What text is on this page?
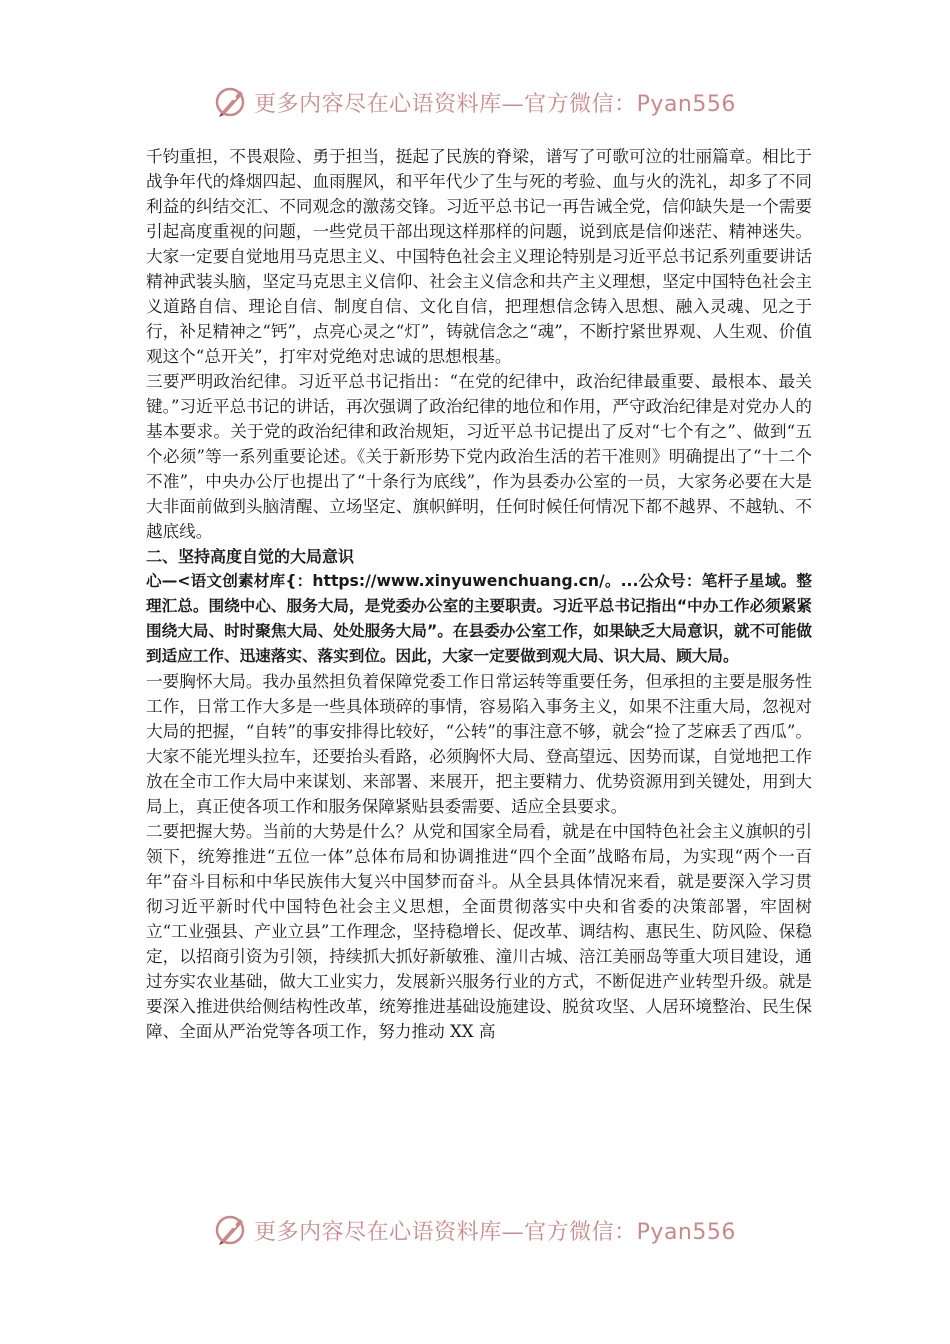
更多内容尽在心语资料库—官方微信：Pyan556

千钧重担，不畏艰险、勇于担当，挺起了民族的脊梁，谱写了可歌可泣的壮丽篇章。相比于战争年代的烽烟四起、血雨腥风，和平年代少了生与死的考验、血与火的洗礼，却多了不同利益的纠结交汇、不同观念的激荡交锋。习近平总书记一再告诫全党，信仰缺失是一个需要引起高度重视的问题，一些党员干部出现这样那样的问题，说到底是信仰迷茫、精神迷失。大家一定要自觉地用马克思主义、中国特色社会主义理论特别是习近平总书记系列重要讲话精神武装头脑，坚定马克思主义信仰、社会主义信念和共产主义理想，坚定中国特色社会主义道路自信、理论自信、制度自信、文化自信，把理想信念铸入思想、融入灵魂、见之于行，补足精神之“钙”，点亮心灵之“灯”，铸就信念之“魂”，不断拧紧世界观、人生观、价值观这个“总开关”，打牢对党绝对忠诚的思想根基。

三要严明政治纪律。习近平总书记指出：“在党的纪律中，政治纪律最重要、最根本、最关键。”习近平总书记的讲话，再次强调了政治纪律的地位和作用，严守政治纪律是对党办人的基本要求。关于党的政治纪律和政治规矩，习近平总书记提出了反对“七个有之”、做到“五个必须”等一系列重要论述。《关于新形势下党内政治生活的若干准则》明确提出了“十二个不准”，中央办公厅也提出了“十条行为底线”，作为县委办公室的一员，大家务必要在大是大非面前做到头脑清醒、立场坚定、旗帜鲜明，任何时候任何情况下都不越界、不越轨、不越底线。

二、坚持高度自觉的大局意识

心—<语文创素材库{：https://www.xinyuwenchuang.cn/。...公众号：笔杆子星域。整理汇总。围绕中心、服务大局，是党委办公室的主要职责。习近平总书记指出“中办工作必须紧紧围绕大局、时时聚焦大局、处处服务大局”。在县委办公室工作，如果缺乏大局意识，就不可能做到适应工作、迅速落实、落实到位。因此，大家一定要做到观大局、识大局、顾大局。

一要胸怀大局。我办虽然担负着保障党委工作日常运转等重要任务，但承担的主要是服务性工作，日常工作大多是一些具体琐碎的事情，容易陷入事务主义，如果不注重大局，忽视对大局的把握，“自转”的事安排得比较好，“公转”的事注意不够，就会“捡了芝麻丢了西瓜”。大家不能光埋头拉车，还要抬头看路，必须胸怀大局、登高望远、因势而谋，自觉地把工作放在全市工作大局中来谋划、来部署、来展开，把主要精力、优势资源用到关键处，用到大局上，真正使各项工作和服务保障紧贴县委需要、适应全县要求。

二要把握大势。当前的大势是什么？从党和国家全局看，就是在中国特色社会主义旗帜的引领下，统筹推进“五位一体”总体布局和协调推进“四个全面”战略布局，为实现“两个一百年”奋斗目标和中华民族伟大复兴中国梦而奋斗。从全县具体情况来看，就是要深入学习贯彻习近平新时代中国特色社会主义思想，全面贯彻落实中央和省委的决策部署，牢固树立“工业强县、产业立县”工作理念，坚持稳增长、促改革、调结构、惠民生、防风险、保稳定，以招商引资为引领，持续抓大抓好新敏雅、潼川古城、涪江美丽岛等重大项目建设，通过夯实农业基础，做大工业实力，发展新兴服务行业的方式，不断促进产业转型升级。就是要深入推进供给侧结构性改革，统筹推进基础设施建设、脱贫攻坚、人居环境整治、民生保障、全面从严治党等各项工作，努力推动 XX 高

更多内容尽在心语资料库—官方微信：Pyan556
